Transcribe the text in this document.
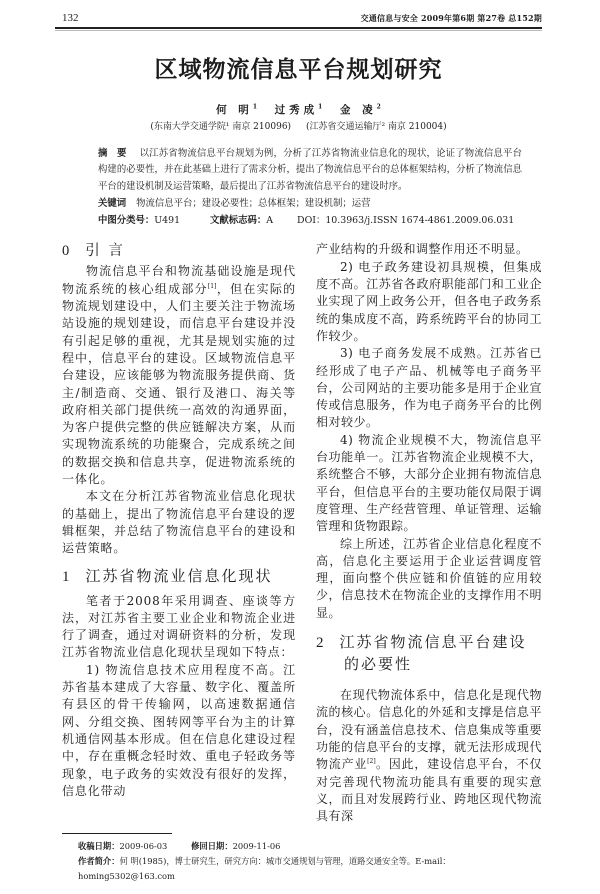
132	交通信息与安全 2009年第6期 第27卷 总152期
区域物流信息平台规划研究
何 明$^1$ 过秀成$^1$ 金 凌$^2$
(东南大学交通学院¹ 南京 210096) (江苏省交通运输厅² 南京 210004)
摘 要 以江苏省物流信息平台规划为例，分析了江苏省物流业信息化的现状，论证了物流信息平台构建的必要性，并在此基础上进行了需求分析，提出了物流信息平台的总体框架结构，分析了物流信息平台的建设机制及运营策略，最后提出了江苏省物流信息平台的建设时序。
关键词 物流信息平台；建设必要性；总体框架；建设机制；运营
中图分类号：U491	文献标志码：A	DOI：10.3963/j.ISSN 1674-4861.2009.06.031
0 引 言

物流信息平台和物流基础设施是现代物流系统的核心组成部分[1]，但在实际的物流规划建设中，人们主要关注于物流场站设施的规划建设，而信息平台建设并没有引起足够的重视，尤其是规划实施的过程中，信息平台的建设。区域物流信息平台建设，应该能够为物流服务提供商、货主/制造商、交通、银行及港口、海关等政府相关部门提供统一高效的沟通界面，为客户提供完整的供应链解决方案，从而实现物流系统的功能聚合，完成系统之间的数据交换和信息共享，促进物流系统的一体化。

本文在分析江苏省物流业信息化现状的基础上，提出了物流信息平台建设的逻辑框架，并总结了物流信息平台的建设和运营策略。

1 江苏省物流业信息化现状

笔者于2008年采用调查、座谈等方法，对江苏省主要工业企业和物流企业进行了调查，通过对调研资料的分析，发现江苏省物流业信息化现状呈现如下特点：

1) 物流信息技术应用程度不高。江苏省基本建成了大容量、数字化、覆盖所有县区的骨干传输网，以高速数据通信网、分组交换、图转网等平台为主的计算机通信网基本形成。但在信息化建设过程中，存在重概念轻时效、重电子轻政务等现象，电子政务的实效没有很好的发挥，信息化带动

产业结构的升级和调整作用还不明显。

2) 电子政务建设初具规模，但集成度不高。江苏省各政府职能部门和工业企业实现了网上政务公开，但各电子政务系统的集成度不高，跨系统跨平台的协同工作较少。

3) 电子商务发展不成熟。江苏省已经形成了电子产品、机械等电子商务平台，公司网站的主要功能多是用于企业宣传或信息服务，作为电子商务平台的比例相对较少。

4) 物流企业规模不大，物流信息平台功能单一。江苏省物流企业规模不大，系统整合不够，大部分企业拥有物流信息平台，但信息平台的主要功能仅局限于调度管理、生产经营管理、单证管理、运输管理和货物跟踪。

综上所述，江苏省企业信息化程度不高，信息化主要运用于企业运营调度管理，面向整个供应链和价值链的应用较少，信息技术在物流企业的支撑作用不明显。

2 江苏省物流信息平台建设的必要性

在现代物流体系中，信息化是现代物流的核心。信息化的外延和支撑是信息平台，没有涵盖信息技术、信息集成等重要功能的信息平台的支撑，就无法形成现代物流产业[2]。因此，建设信息平台，不仅对完善现代物流功能具有重要的现实意义，而且对发展跨行业、跨地区现代物流具有深

收稿日期：2009-06-03	修回日期：2009-11-06
作者简介：何 明(1985)，博士研究生，研究方向：城市交通规划与管理，道路交通安全等。E-mail：homing5302@163.com
